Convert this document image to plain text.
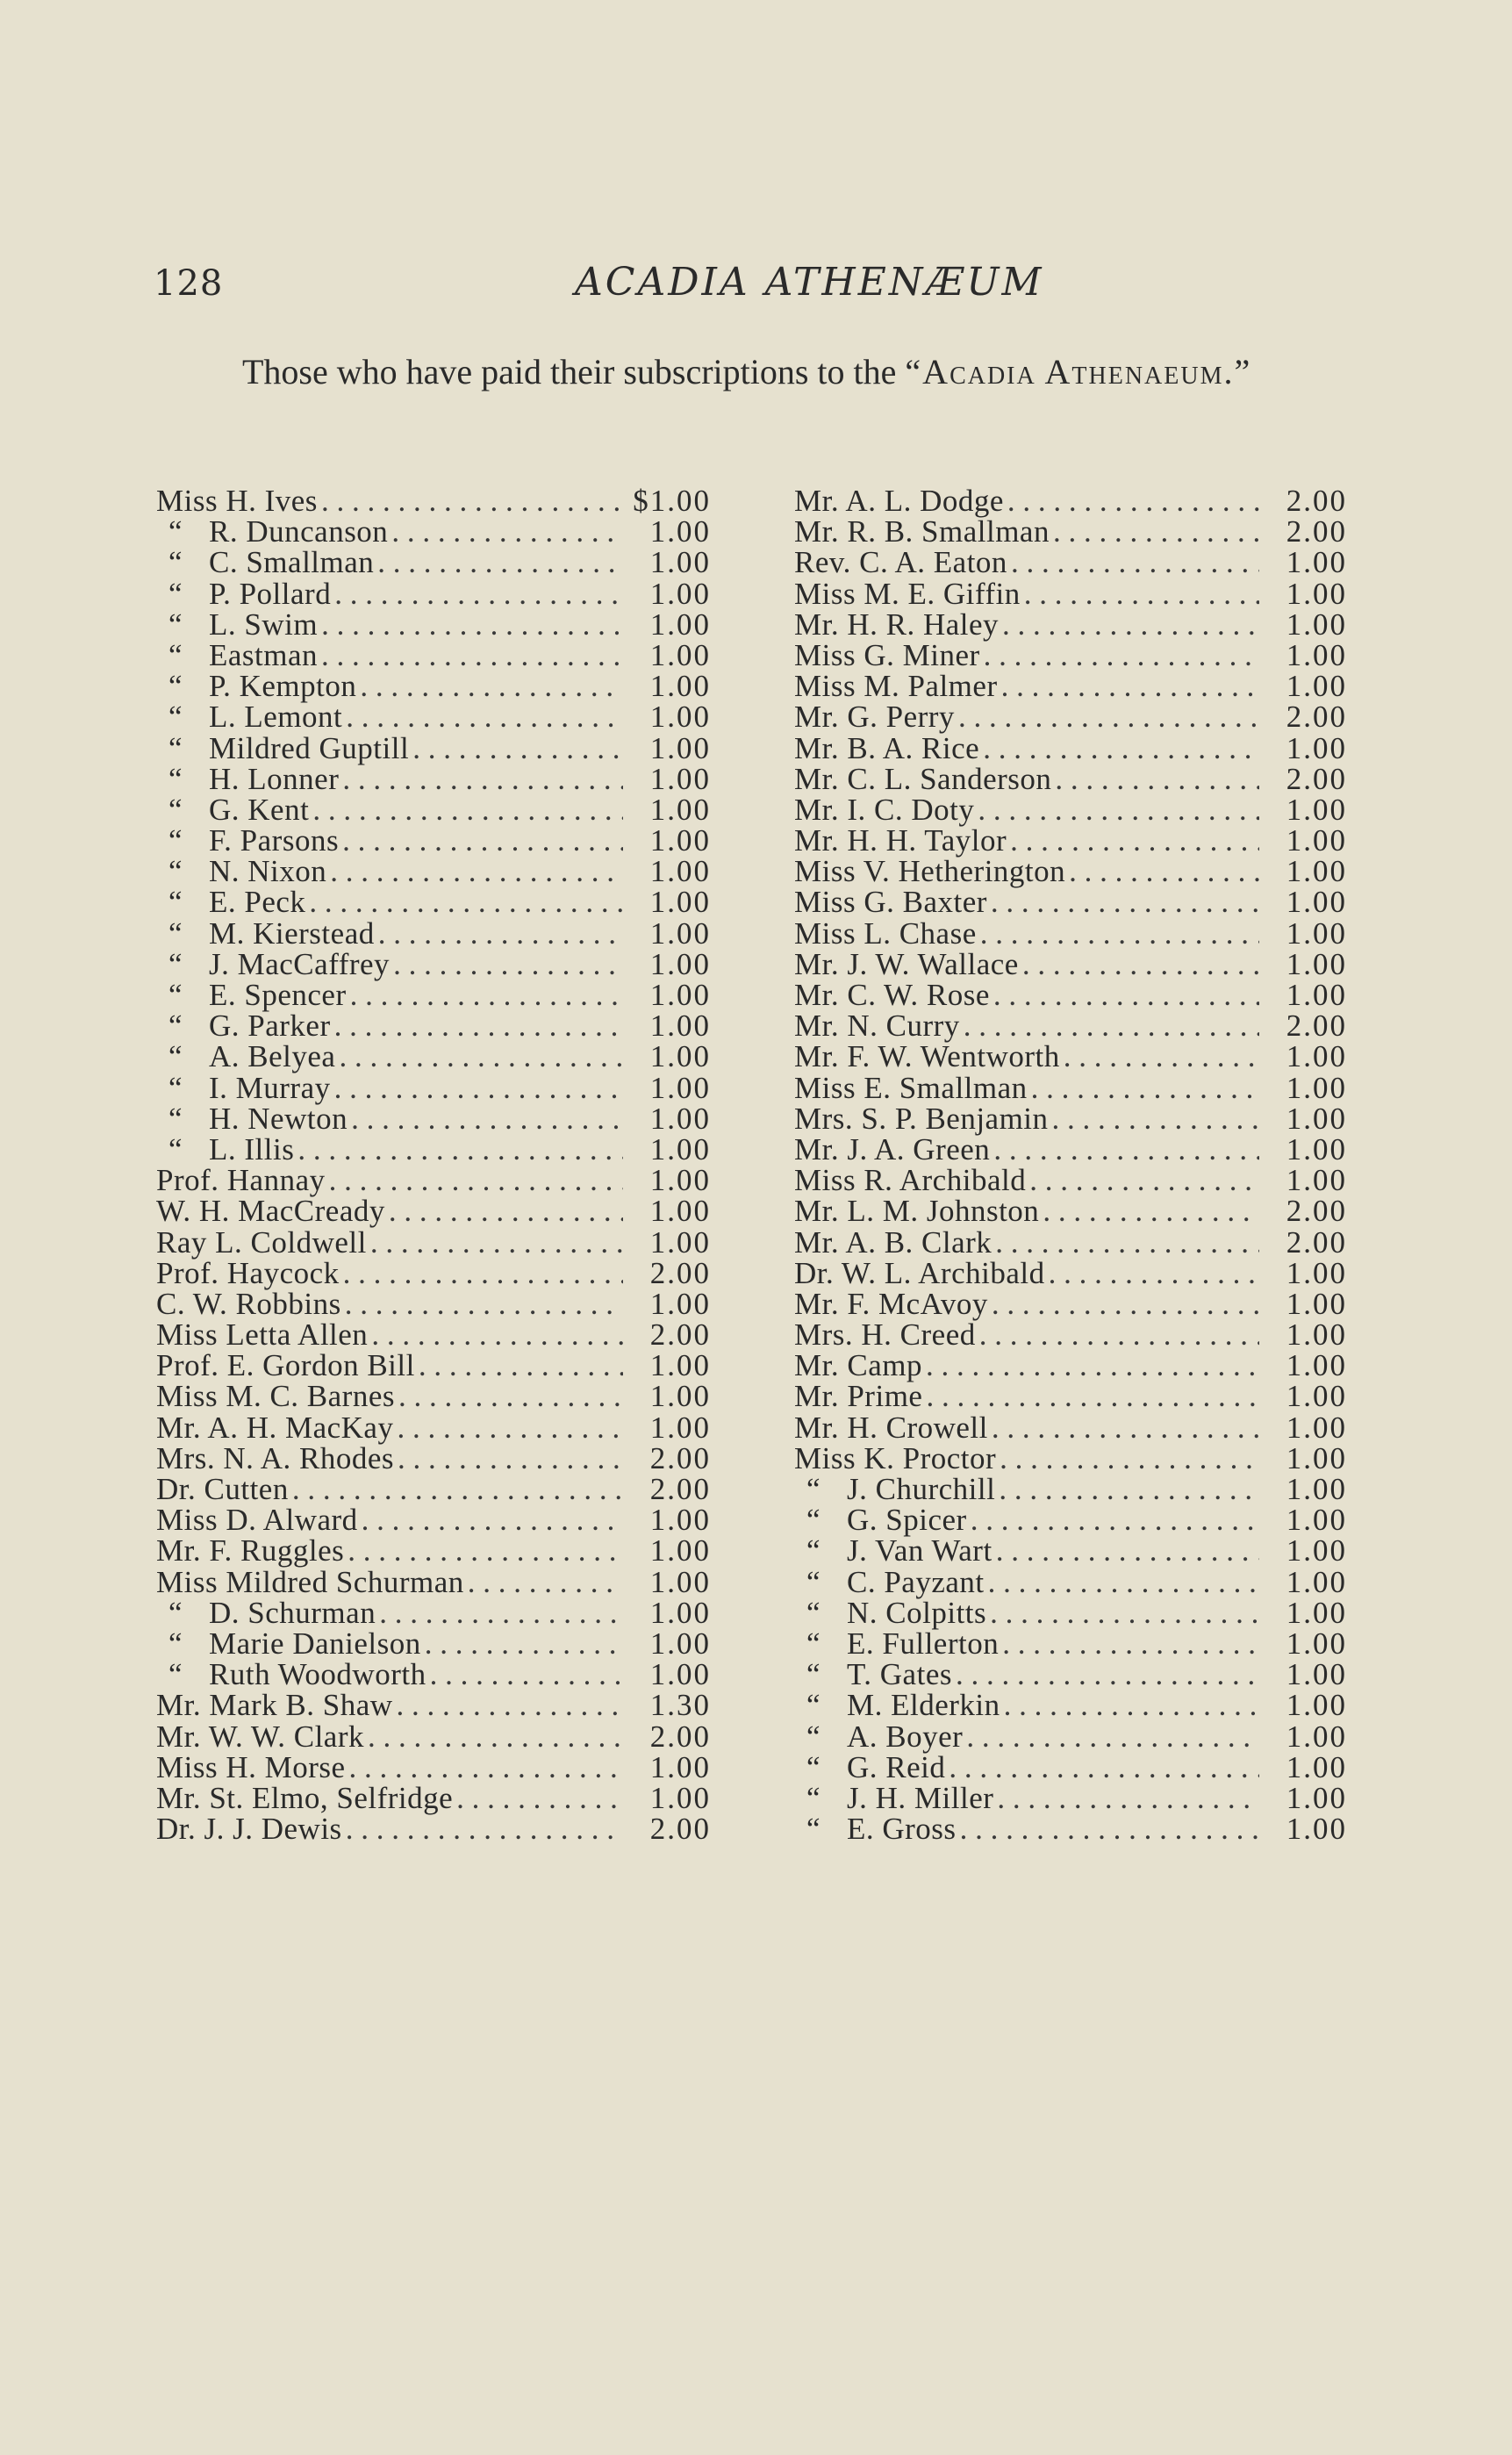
128	ACADIA ATHENÆUM
Those who have paid their subscriptions to the “Acadia Athenaeum.”
Miss H. Ives . . .	$1.00
“ R. Duncanson . . .	1.00
“ C. Smallman . . .	1.00
“ P. Pollard . . .	1.00
“ L. Swim . . .	1.00
“ Eastman . . .	1.00
“ P. Kempton . . .	1.00
“ L. Lemont . . .	1.00
“ Mildred Guptill . . .	1.00
“ H. Lonner . . .	1.00
“ G. Kent . . .	1.00
“ F. Parsons . . .	1.00
“ N. Nixon . . .	1.00
“ E. Peck . . .	1.00
“ M. Kierstead . . .	1.00
“ J. MacCaffrey . . .	1.00
“ E. Spencer . . .	1.00
“ G. Parker . . .	1.00
“ A. Belyea . . .	1.00
“ I. Murray . . .	1.00
“ H. Newton . . .	1.00
“ L. Illis . . .	1.00
Prof. Hannay . . .	1.00
W. H. MacCready . . .	1.00
Ray L. Coldwell . . .	1.00
Prof. Haycock . . .	2.00
C. W. Robbins . . .	1.00
Miss Letta Allen . . .	2.00
Prof. E. Gordon Bill . . .	1.00
Miss M. C. Barnes . . .	1.00
Mr. A. H. MacKay . . .	1.00
Mrs. N. A. Rhodes . . .	2.00
Dr. Cutten . . .	2.00
Miss D. Alward . . .	1.00
Mr. F. Ruggles . . .	1.00
Miss Mildred Schurman . . .	1.00
“ D. Schurman . . .	1.00
“ Marie Danielson . . .	1.00
“ Ruth Woodworth . . .	1.00
Mr. Mark B. Shaw . . .	1.30
Mr. W. W. Clark . . .	2.00
Miss H. Morse . . .	1.00
Mr. St. Elmo, Selfridge . . .	1.00
Dr. J. J. Dewis . . .	2.00
Mr. A. L. Dodge . . .	2.00
Mr. R. B. Smallman . . .	2.00
Rev. C. A. Eaton . . .	1.00
Miss M. E. Giffin . . .	1.00
Mr. H. R. Haley . . .	1.00
Miss G. Miner . . .	1.00
Miss M. Palmer . . .	1.00
Mr. G. Perry . . .	2.00
Mr. B. A. Rice . . .	1.00
Mr. C. L. Sanderson . . .	2.00
Mr. I. C. Doty . . .	1.00
Mr. H. H. Taylor . . .	1.00
Miss V. Hetherington . . .	1.00
Miss G. Baxter . . .	1.00
Miss L. Chase . . .	1.00
Mr. J. W. Wallace . . .	1.00
Mr. C. W. Rose . . .	1.00
Mr. N. Curry . . .	2.00
Mr. F. W. Wentworth . . .	1.00
Miss E. Smallman . . .	1.00
Mrs. S. P. Benjamin . . .	1.00
Mr. J. A. Green . . .	1.00
Miss R. Archibald . . .	1.00
Mr. L. M. Johnston . . .	2.00
Mr. A. B. Clark . . .	2.00
Dr. W. L. Archibald . . .	1.00
Mr. F. McAvoy . . .	1.00
Mrs. H. Creed . . .	1.00
Mr. Camp . . .	1.00
Mr. Prime . . .	1.00
Mr. H. Crowell . . .	1.00
Miss K. Proctor . . .	1.00
“ J. Churchill . . .	1.00
“ G. Spicer . . .	1.00
“ J. Van Wart . . .	1.00
“ C. Payzant . . .	1.00
“ N. Colpitts . . .	1.00
“ E. Fullerton . . .	1.00
“ T. Gates . . .	1.00
“ M. Elderkin . . .	1.00
“ A. Boyer . . .	1.00
“ G. Reid . . .	1.00
“ J. H. Miller . . .	1.00
“ E. Gross . . .	1.00
